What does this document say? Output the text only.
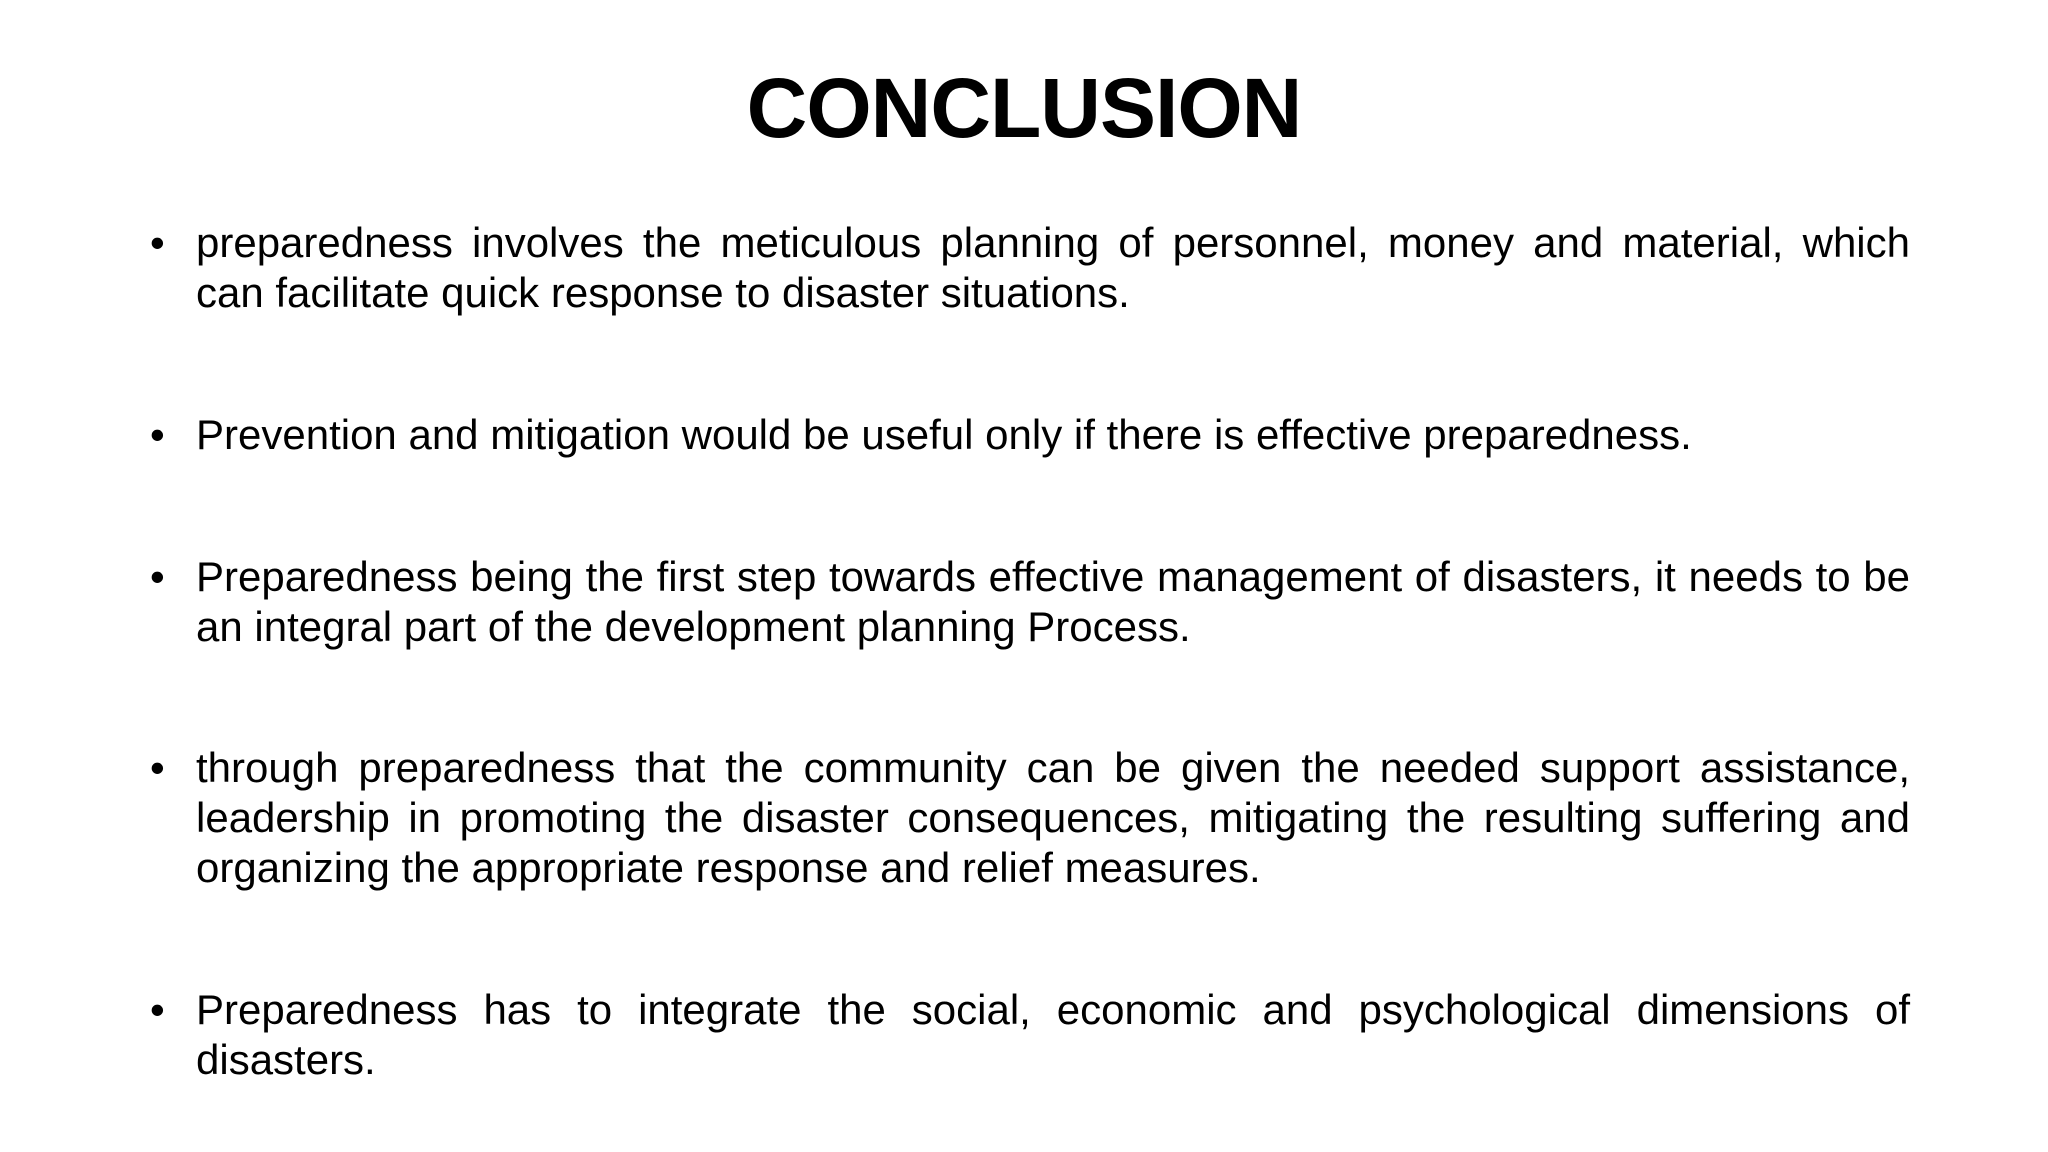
CONCLUSION
• preparedness involves the meticulous planning of personnel, money and material, which can facilitate quick response to disaster situations.
• Prevention and mitigation would be useful only if there is effective preparedness.
• Preparedness being the first step towards effective management of disasters, it needs to be an integral part of the development planning Process.
• through preparedness that the community can be given the needed support assistance, leadership in promoting the disaster consequences, mitigating the resulting suffering and organizing the appropriate response and relief measures.
• Preparedness has to integrate the social, economic and psychological dimensions of disasters.
